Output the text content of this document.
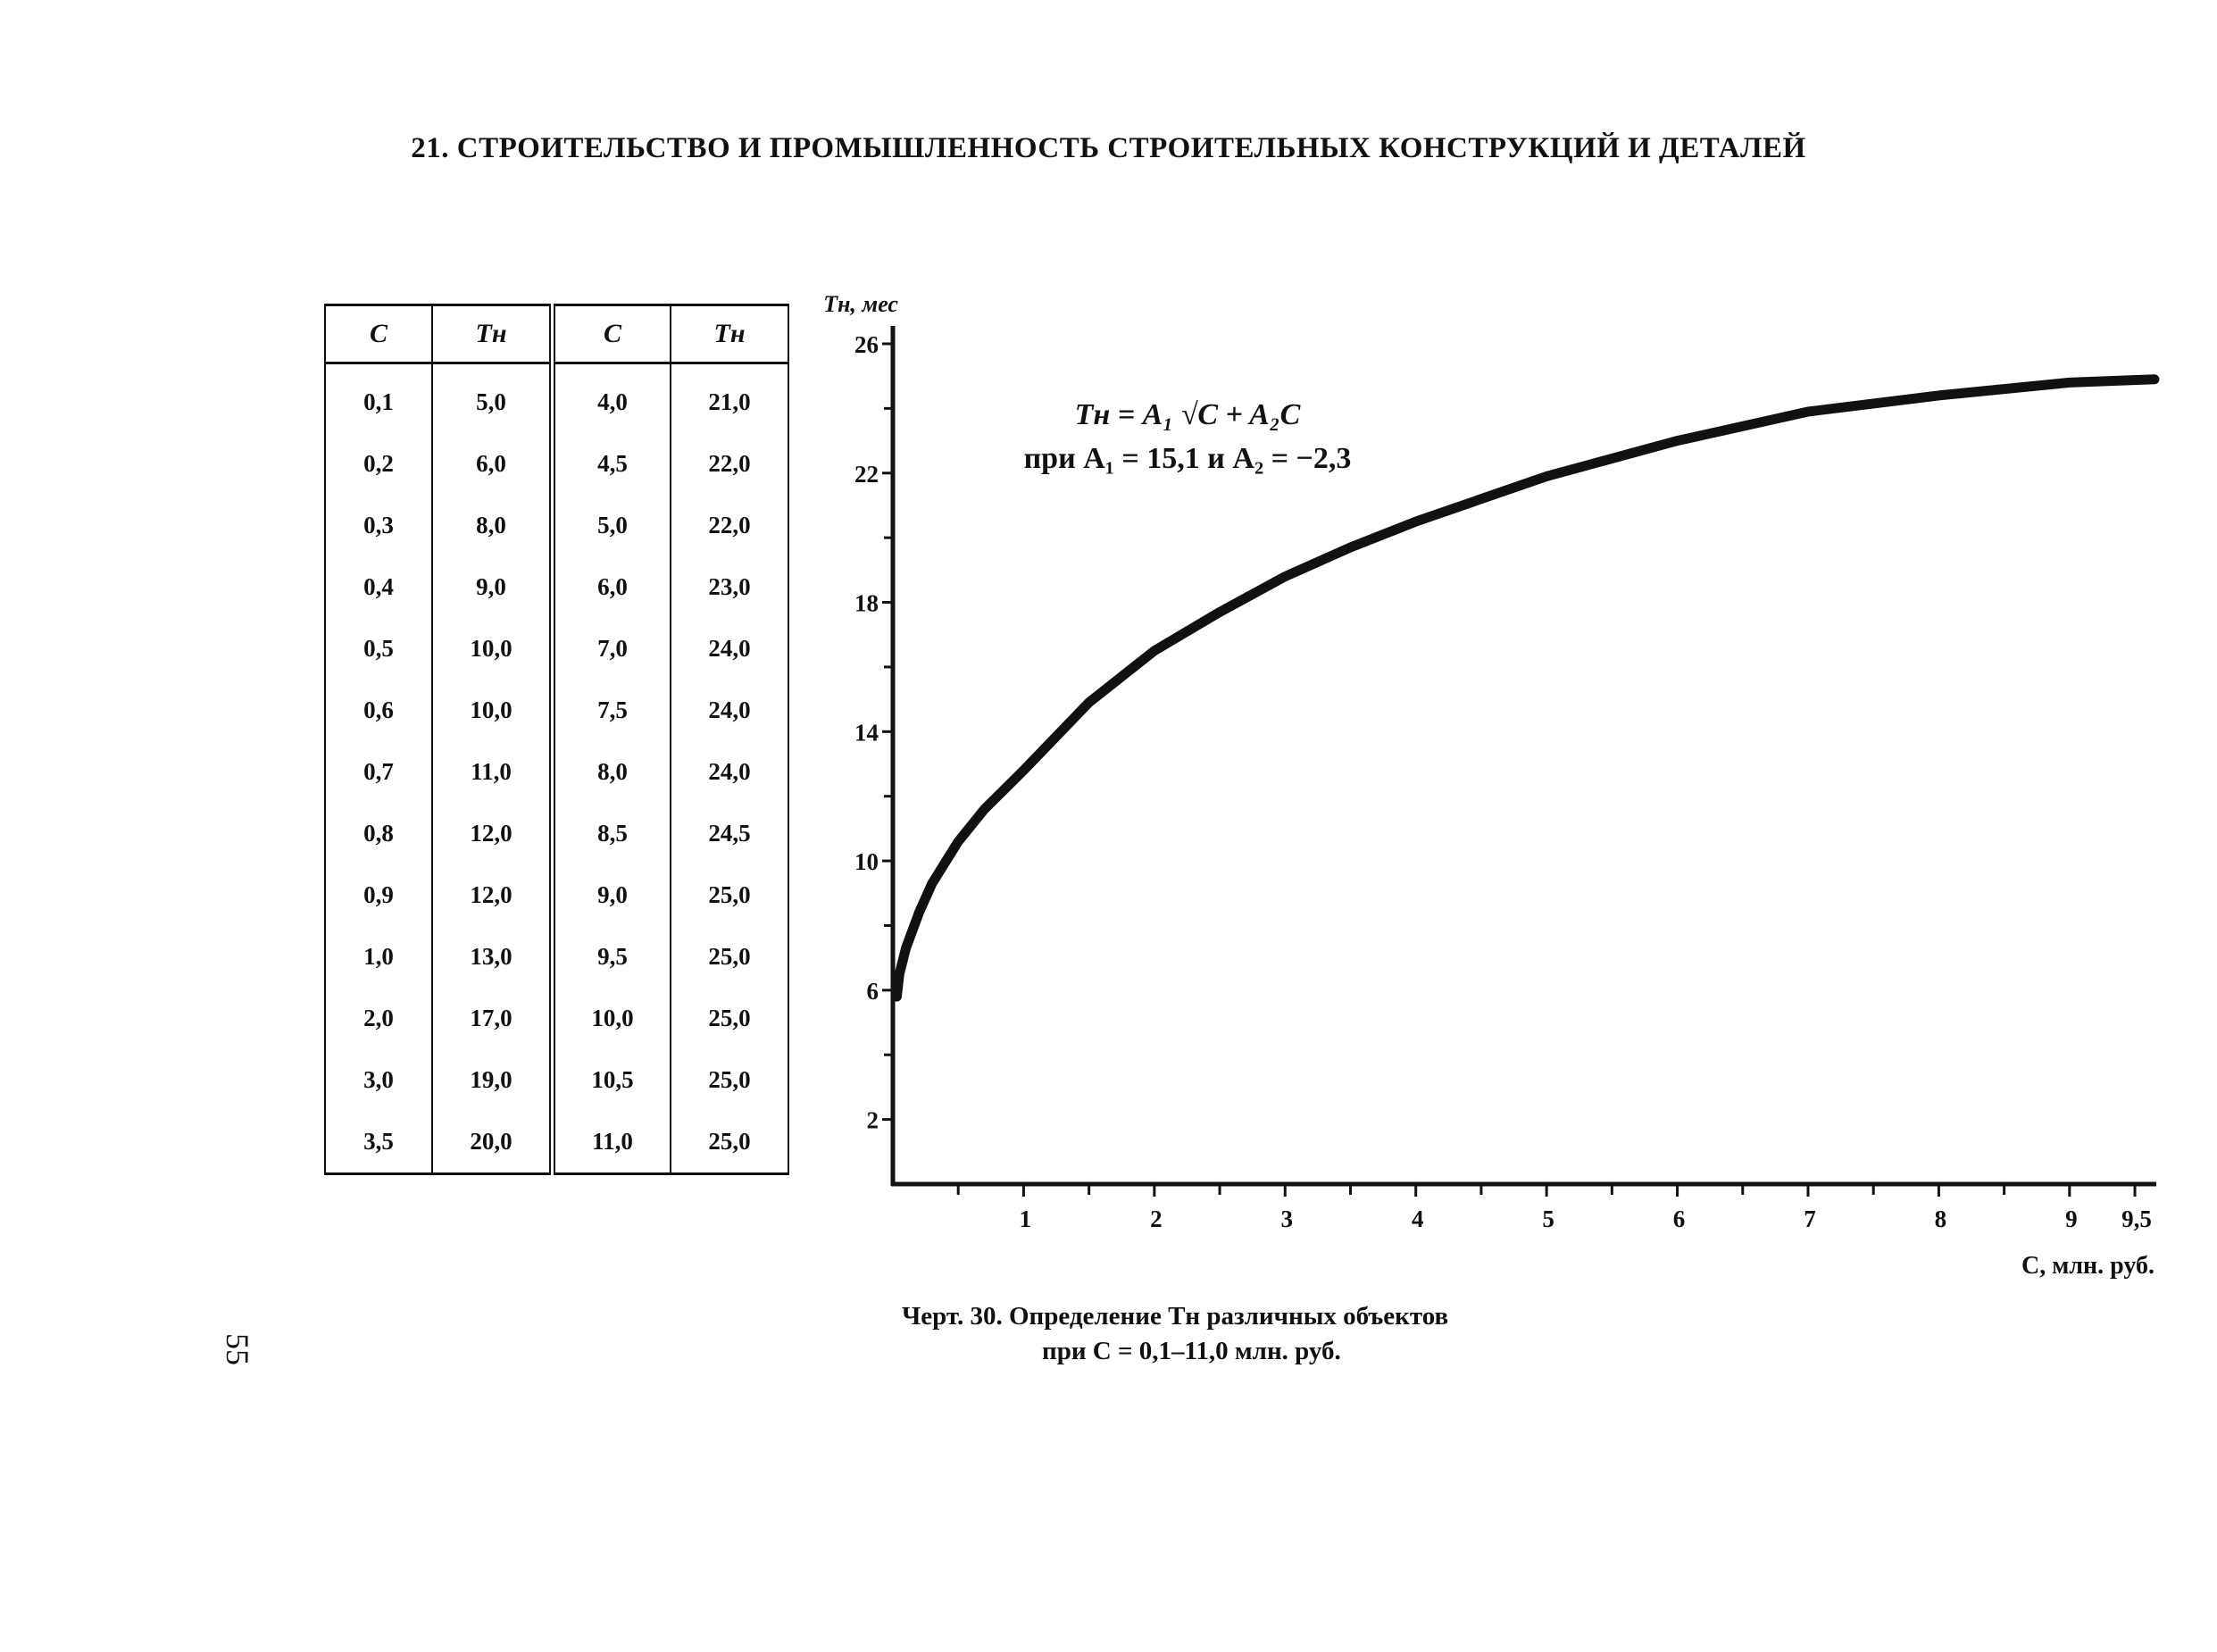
21. СТРОИТЕЛЬСТВО И ПРОМЫШЛЕННОСТЬ СТРОИТЕЛЬНЫХ КОНСТРУКЦИЙ И ДЕТАЛЕЙ
55
C	Tн	C	Tн
0,1	5,0	4,0	21,0
0,2	6,0	4,5	22,0
0,3	8,0	5,0	22,0
0,4	9,0	6,0	23,0
0,5	10,0	7,0	24,0
0,6	10,0	7,5	24,0
0,7	11,0	8,0	24,0
0,8	12,0	8,5	24,5
0,9	12,0	9,0	25,0
1,0	13,0	9,5	25,0
2,0	17,0	10,0	25,0
3,0	19,0	10,5	25,0
3,5	20,0	11,0	25,0
2
6
10
14
18
22
26
1	2	3	4	5	6	7	8	9 9,5
Tн, мес
С, млн. руб.
Tн = A₁ √C + A₂C
при A₁ = 15,1 и A₂ = −2,3
Черт. 30. Определение Tн различных объектов
при C = 0,1–11,0 млн. руб.
